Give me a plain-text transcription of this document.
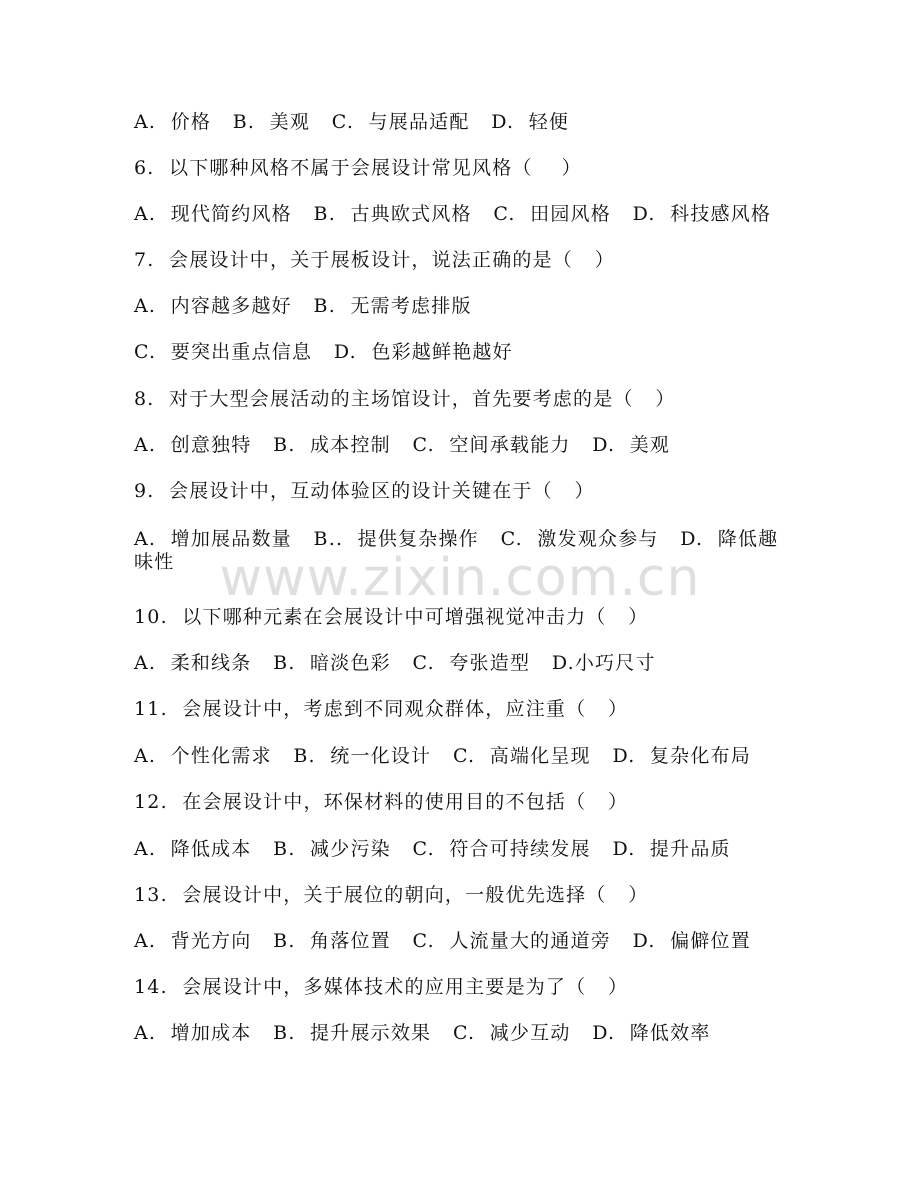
A.  价格   B.  美观   C.  与展品适配   D.  轻便
6.  以下哪种风格不属于会展设计常见风格（    ）
A.  现代简约风格   B.  古典欧式风格   C.  田园风格   D.  科技感风格
7.  会展设计中，关于展板设计，说法正确的是（   ）
A.  内容越多越好   B.  无需考虑排版
C.  要突出重点信息   D.  色彩越鲜艳越好
8.  对于大型会展活动的主场馆设计，首先要考虑的是（   ）
A.  创意独特   B.  成本控制   C.  空间承载能力   D.  美观
9.  会展设计中，互动体验区的设计关键在于（   ）
A.  增加展品数量   B..  提供复杂操作   C.  激发观众参与   D.  降低趣味性
10.  以下哪种元素在会展设计中可增强视觉冲击力（   ）
A.  柔和线条   B.  暗淡色彩   C.  夸张造型   D.小巧尺寸
11.  会展设计中，考虑到不同观众群体，应注重（   ）
A.  个性化需求   B.  统一化设计   C.  高端化呈现   D.  复杂化布局
12.  在会展设计中，环保材料的使用目的不包括（   ）
A.  降低成本   B.  减少污染   C.  符合可持续发展   D.  提升品质
13.  会展设计中，关于展位的朝向，一般优先选择（   ）
A.  背光方向   B.  角落位置   C.  人流量大的通道旁   D.  偏僻位置
14.  会展设计中，多媒体技术的应用主要是为了（   ）
A.  增加成本   B.  提升展示效果   C.  减少互动   D.  降低效率
www.zixin.com.cn
